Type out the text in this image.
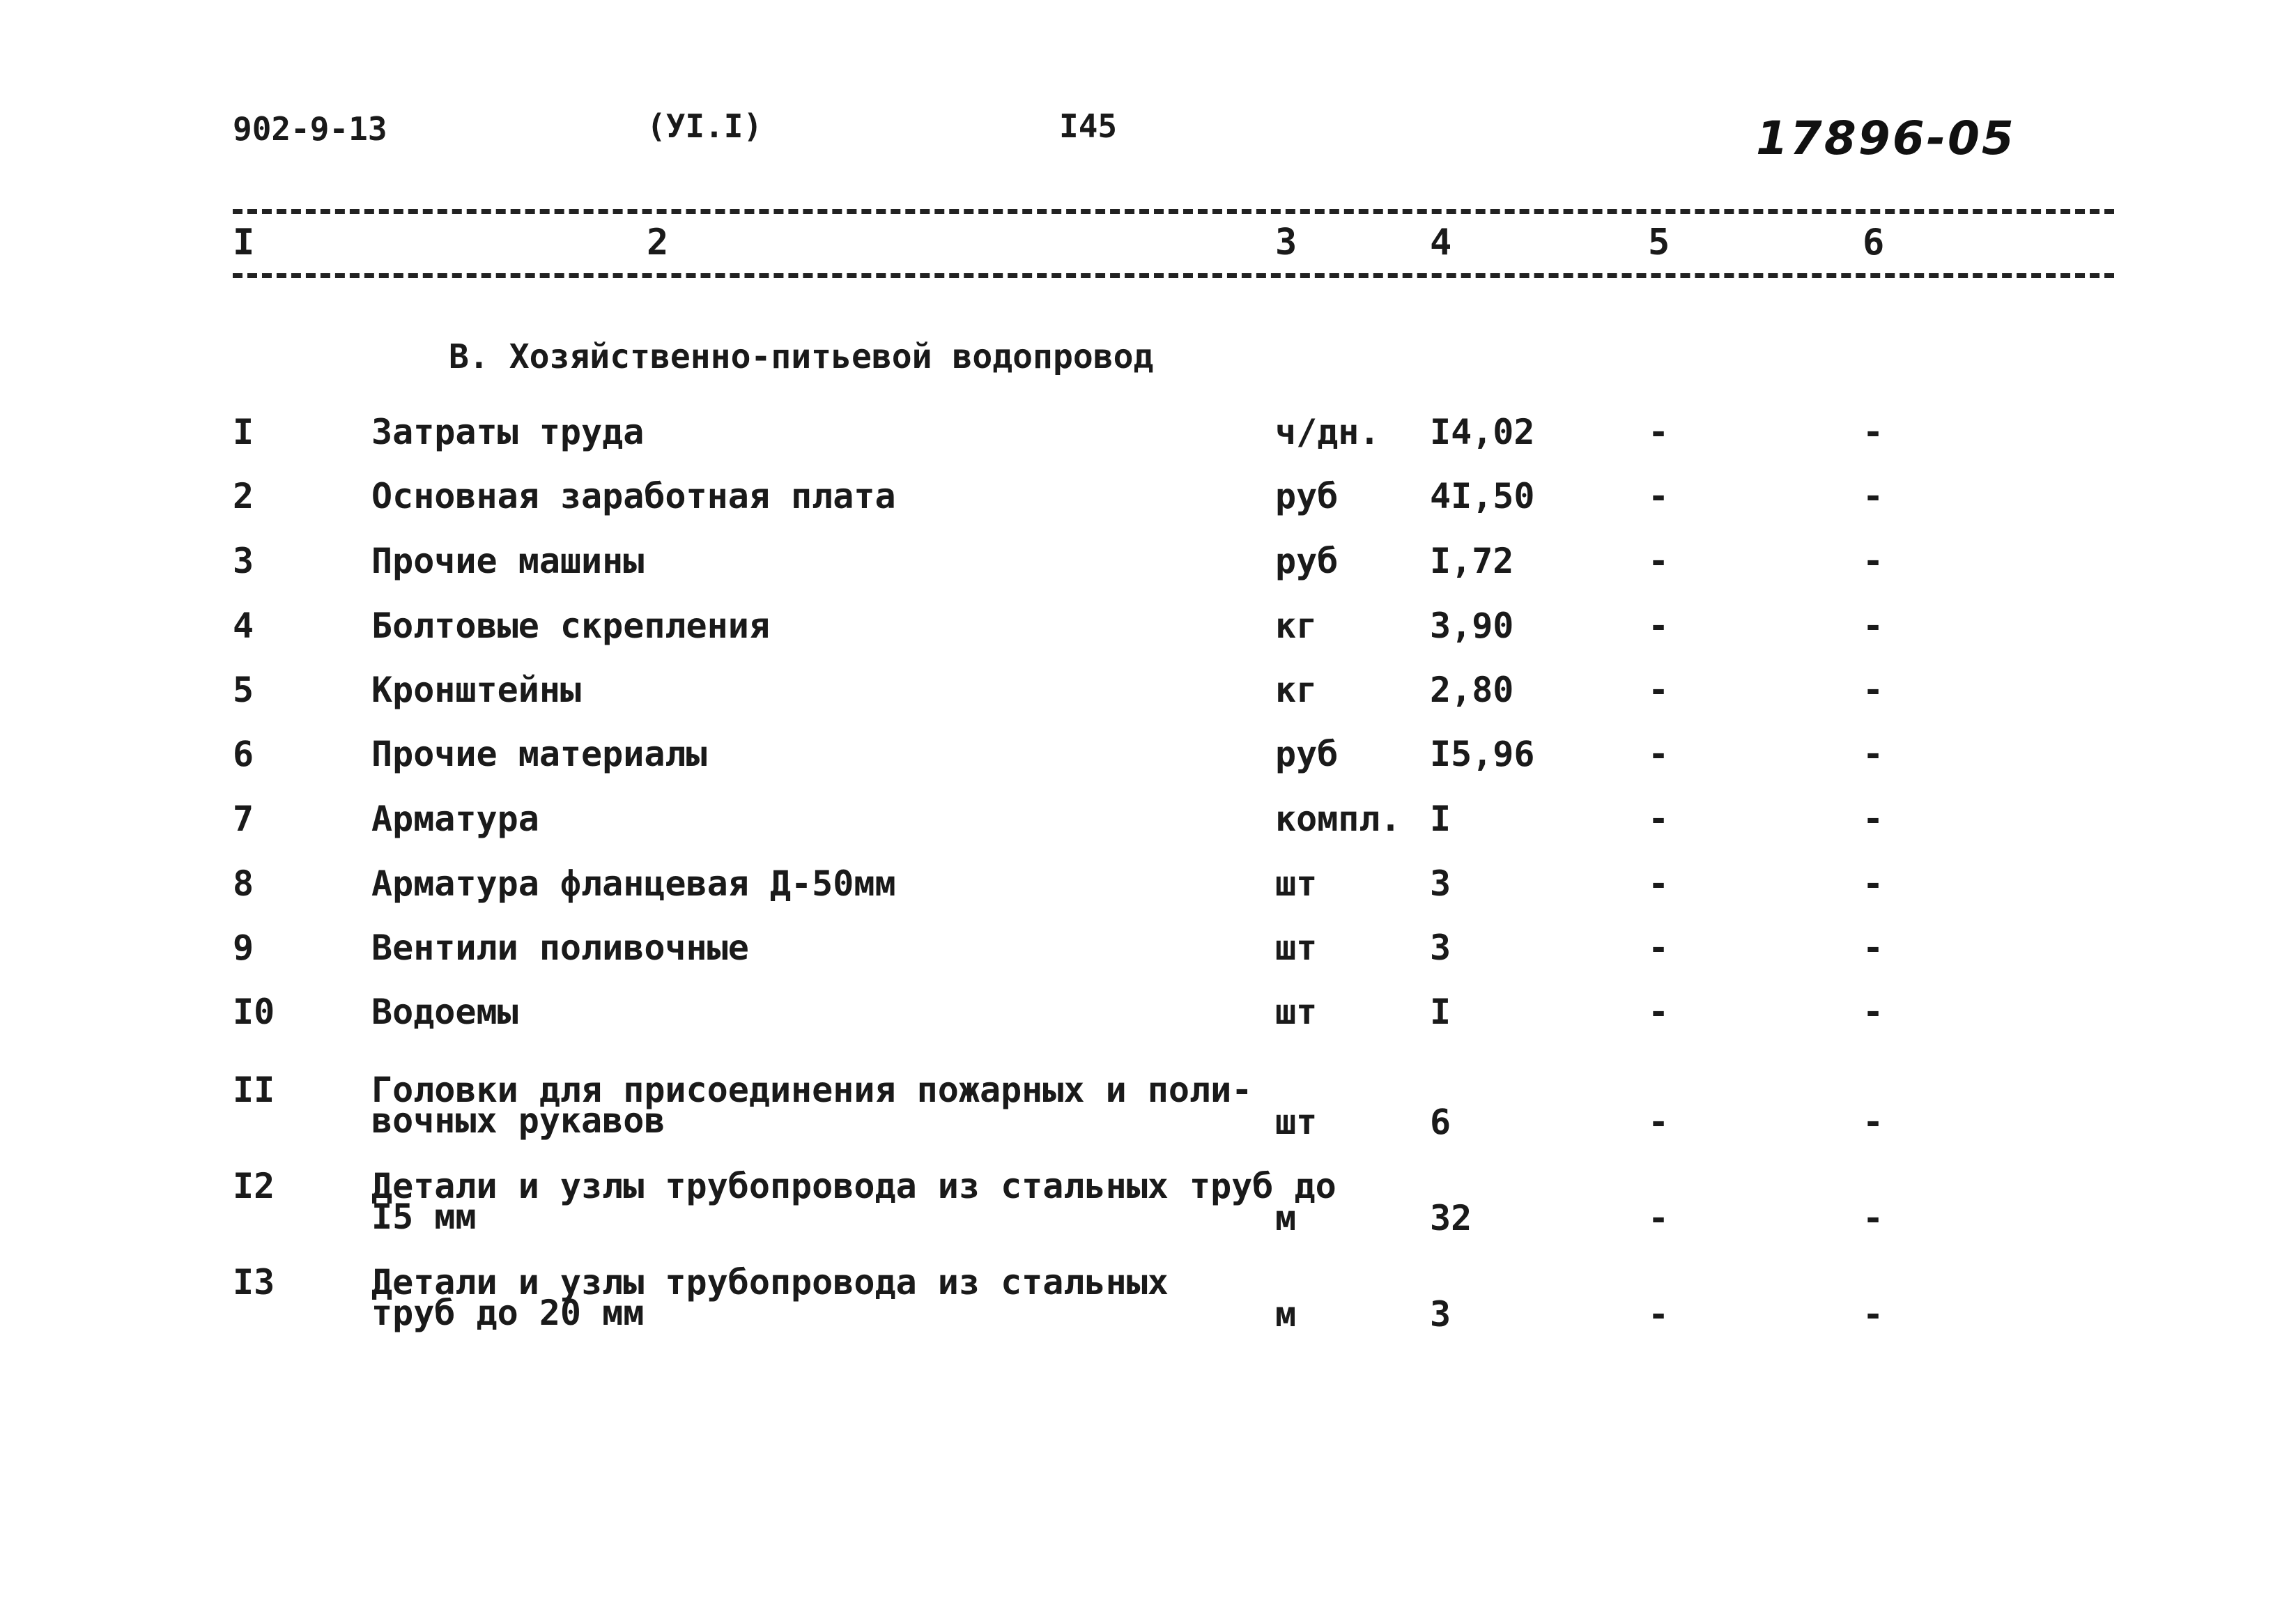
902-9-13	(УI.I)	I45	17896-05
I	2	3	4	5	6
В. Хозяйственно-питьевой водопровод
I	Затраты труда	ч/дн. I4,02	-	-
2	Основная заработная плата	руб	4I,50	-	-
3	Прочие машины	руб	I,72	-	-
4	Болтовые скрепления	кг	3,90	-	-
5	Кронштейны	кг	2,80	-	-
6	Прочие материалы	руб	I5,96	-	-
7	Арматура	компл. I	-	-
8	Арматура фланцевая Д-50мм	шт	3	-	-
9	Вентили поливочные	шт	3	-	-
I0	Водоемы	шт	I	-	-
II	Головки для присоединения пожарных и поли-
вочных рукавов	шт	6	-	-
I2	Детали и узлы трубопровода из стальных труб до
I5 мм	м	32	-	-
I3	Детали и узлы трубопровода из стальных
труб до 20 мм	м	3	-	-
